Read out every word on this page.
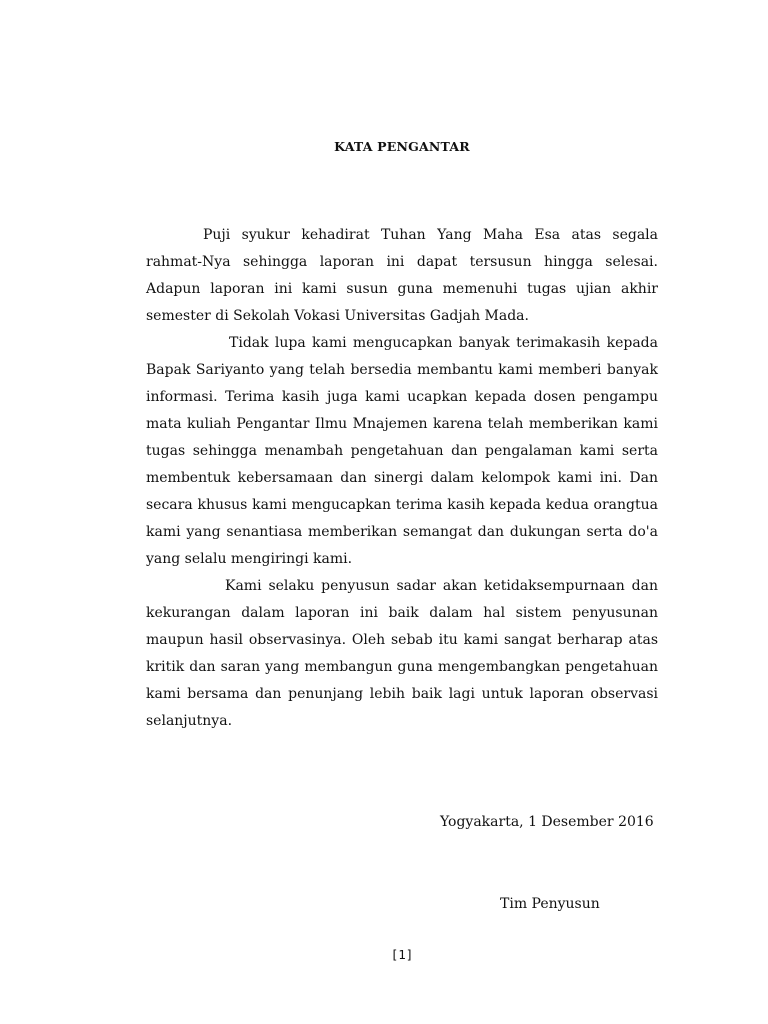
KATA PENGANTAR

Puji syukur kehadirat Tuhan Yang Maha Esa atas segala rahmat-Nya sehingga laporan ini dapat tersusun hingga selesai. Adapun laporan ini kami susun guna memenuhi tugas ujian akhir semester di Sekolah Vokasi Universitas Gadjah Mada.

Tidak lupa kami mengucapkan banyak terimakasih kepada Bapak Sariyanto yang telah bersedia membantu kami memberi banyak informasi. Terima kasih juga kami ucapkan kepada dosen pengampu mata kuliah Pengantar Ilmu Mnajemen karena telah memberikan kami tugas sehingga menambah pengetahuan dan pengalaman kami serta membentuk kebersamaan dan sinergi dalam kelompok kami ini. Dan secara khusus kami mengucapkan terima kasih kepada kedua orangtua kami yang senantiasa memberikan semangat dan dukungan serta do'a yang selalu mengiringi kami.

Kami selaku penyusun sadar akan ketidaksempurnaan dan kekurangan dalam laporan ini baik dalam hal sistem penyusunan maupun hasil observasinya. Oleh sebab itu kami sangat berharap atas kritik dan saran yang membangun guna mengembangkan pengetahuan kami bersama dan penunjang lebih baik lagi untuk laporan observasi selanjutnya.

Yogyakarta, 1 Desember 2016
Tim Penyusun
[1]
